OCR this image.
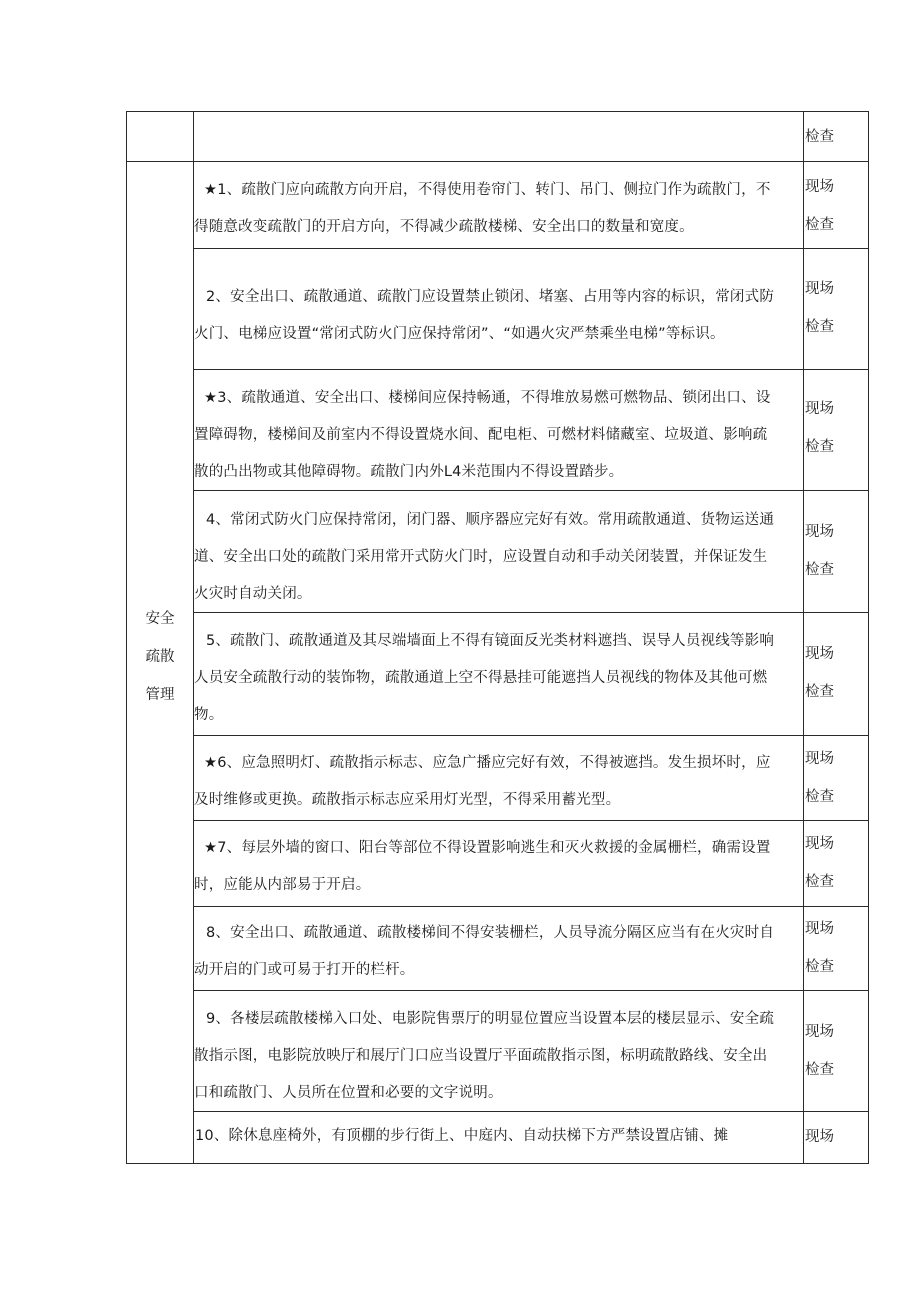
检查
安全
疏散
管理

★1、疏散门应向疏散方向开启，不得使用卷帘门、转门、吊门、侧拉门作为疏散门，不

得随意改变疏散门的开启方向，不得减少疏散楼梯、安全出口的数量和宽度。

现场
检查

2、安全出口、疏散通道、疏散门应设置禁止锁闭、堵塞、占用等内容的标识，常闭式防

火门、电梯应设置“常闭式防火门应保持常闭”、“如遇火灾严禁乘坐电梯”等标识。

现场
检查

★3、疏散通道、安全出口、楼梯间应保持畅通，不得堆放易燃可燃物品、锁闭出口、设

置障碍物，楼梯间及前室内不得设置烧水间、配电柜、可燃材料储藏室、垃圾道、影响疏

散的凸出物或其他障碍物。疏散门内外L4米范围内不得设置踏步。

现场
检查

4、常闭式防火门应保持常闭，闭门器、顺序器应完好有效。常用疏散通道、货物运送通

道、安全出口处的疏散门采用常开式防火门时，应设置自动和手动关闭装置，并保证发生

火灾时自动关闭。

现场
检查

5、疏散门、疏散通道及其尽端墙面上不得有镜面反光类材料遮挡、误导人员视线等影响

人员安全疏散行动的装饰物，疏散通道上空不得悬挂可能遮挡人员视线的物体及其他可燃

物。

现场
检查

★6、应急照明灯、疏散指示标志、应急广播应完好有效，不得被遮挡。发生损坏时，应

及时维修或更换。疏散指示标志应采用灯光型，不得采用蓄光型。

现场
检查

★7、每层外墙的窗口、阳台等部位不得设置影响逃生和灭火救援的金属栅栏，确需设置

时，应能从内部易于开启。

现场
检查

8、安全出口、疏散通道、疏散楼梯间不得安装栅栏，人员导流分隔区应当有在火灾时自

动开启的门或可易于打开的栏杆。

现场
检查

9、各楼层疏散楼梯入口处、电影院售票厅的明显位置应当设置本层的楼层显示、安全疏

散指示图，电影院放映厅和展厅门口应当设置厅平面疏散指示图，标明疏散路线、安全出

口和疏散门、人员所在位置和必要的文字说明。

现场
检查

10、除休息座椅外，有顶棚的步行街上、中庭内、自动扶梯下方严禁设置店铺、摊	现场
